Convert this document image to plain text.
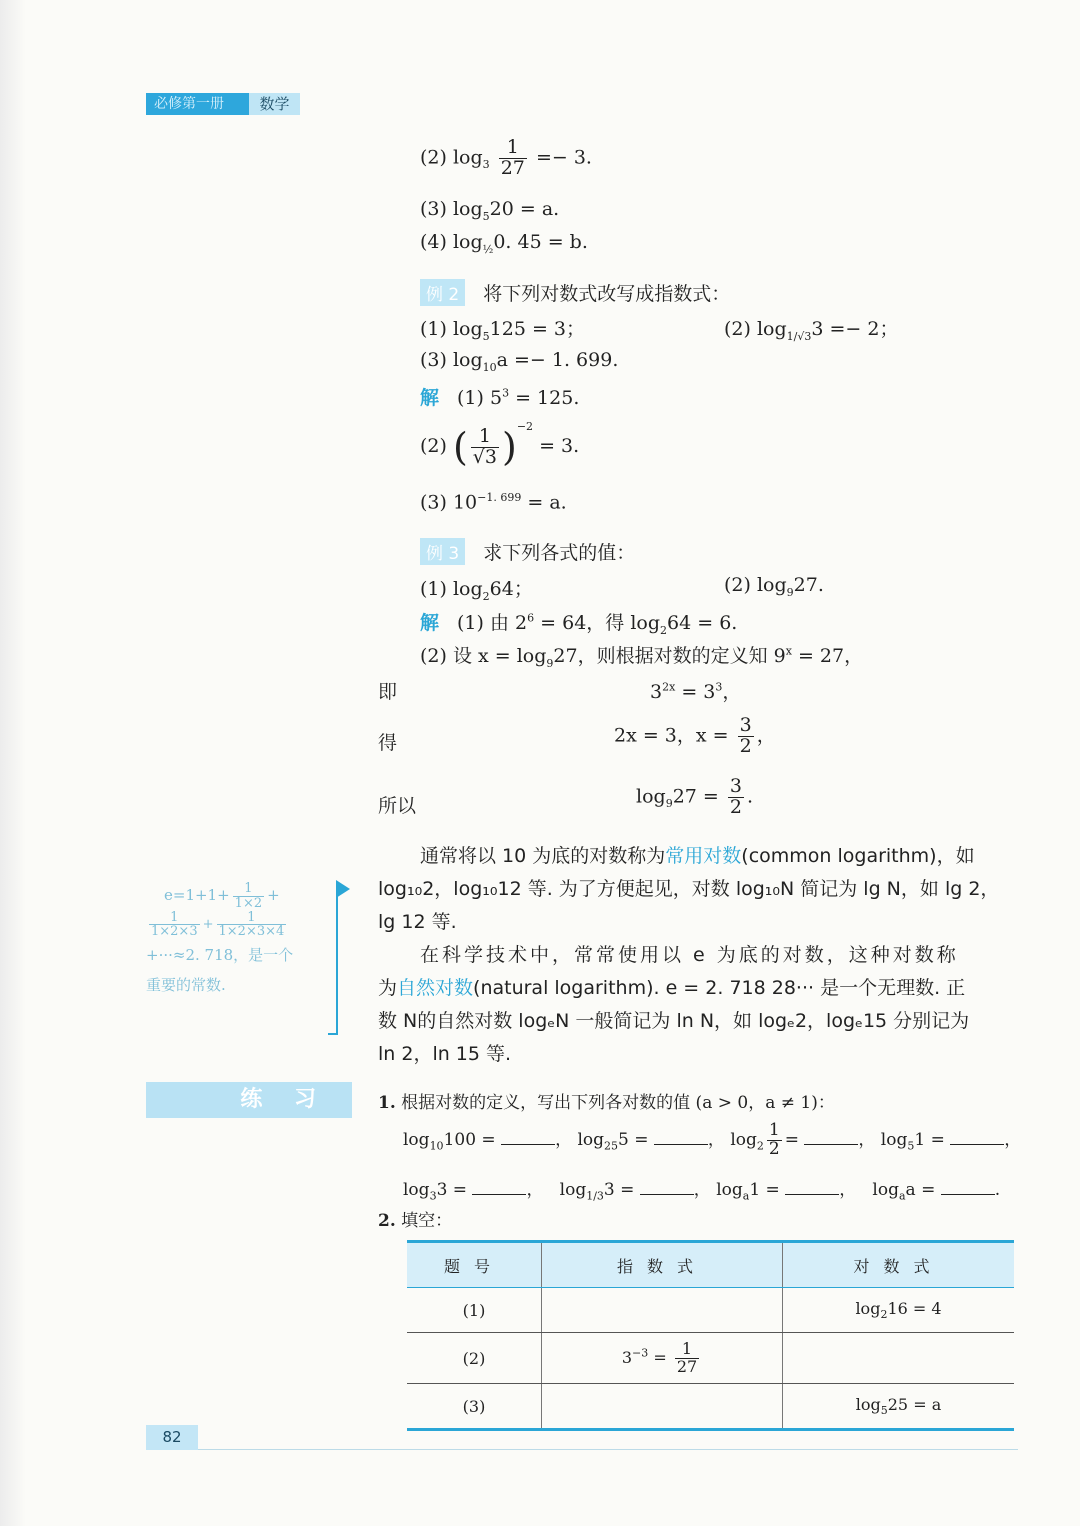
必修第一册	数学
(2) $\log_3 \frac{1}{27} =- 3$.
(3) $\log_520 = a$.
(4) $\log_{\frac{1}{2}}0$. 45 = b.
例 2 将下列对数式改写成指数式：
(1) $\log_5125 = 3$；	(2) $\log_{1/√3}3 =- 2$；
(3) $\log_{10}a =- 1$. 699.
解 (1) $5^3 = 125$.
(2) ( $\frac{1}{√3} )^{-2} = 3$.
(3) $10^{-1. 699} = a$.
例 3 求下列各式的值：
(1) $\log_264$；	(2) $\log_927$.
解 (1) 由 $2^6 = 64$，得 $\log_264 = 6$.
(2) 设 $x = \log_927$，则根据对数的定义知 $9^x = 27$，
即	$3^{2x} = 3^3$，
得	2x = 3，$x = \frac{3}{2}$ ，
所以	$\log_927 = \frac{3}{2}$ .
通常将以 10 为底的对数称为常用对数(common logarithm)，如
log₁₀2，log₁₀12 等. 为了方便起见，对数 log₁₀N 简记为 lg N，如 lg 2，
lg 12 等.
在科学技术中，常常使用以 e 为底的对数，这种对数称
为自然对数(natural logarithm). e = 2. 718 28··· 是一个无理数. 正
数 N的自然对数 logₑN 一般简记为 ln N，如 logₑ2，logₑ15 分别记为
ln 2，ln 15 等.
$e=1+1+ \frac{1}{1\times 2}$ +
$\frac{1}{1\times 2\times 3} + \frac{1}{1\times 2\times 3\times 4}$
+···≈2. 718，是一个
重要的常数.
练 习	1. 根据对数的定义，写出下列各对数的值 (a > 0，a ≠ 1)：
$\log_{10}100$ =	， $\log_{25}5$ =	， $\log_2 \frac{1}{2}$ =	， $\log_51$ =	，
$\log_33$ =	，   $\log_{1/3}3$ =	， $\log_a1$ =	，   $\log_aa$ =	.
2. 填空：
题号	指数式	对数式
(1)		$\log_216 = 4$
(2)	$3^{-3} = \frac{1}{27}$

(3)		$\log_525 = a$
82
